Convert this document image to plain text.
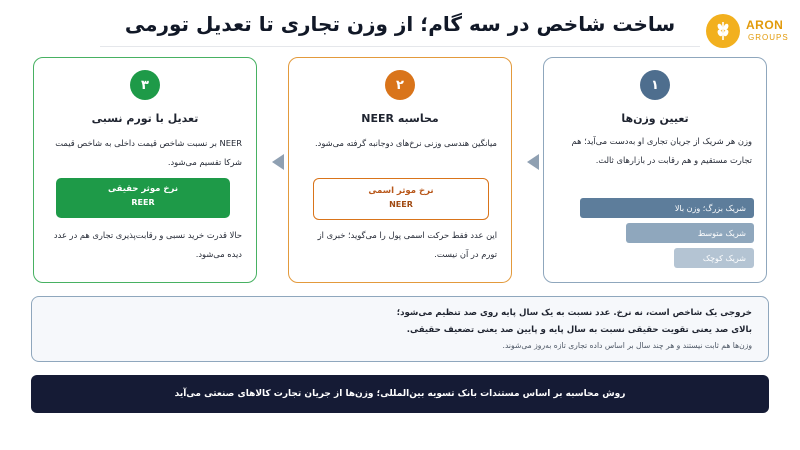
ARON
GROUPS
ساخت شاخص در سه گام؛ از وزن تجاری تا تعدیل تورمی
۱
تعیین وزن‌ها
وزن هر شریک از جریان تجاری او به‌دست می‌آید؛ هم تجارت مستقیم و هم رقابت در بازارهای ثالث.
شریک بزرگ؛ وزن بالا
شریک متوسط
شریک کوچک
۲
محاسبه NEER
میانگین هندسی وزنی نرخ‌های دوجانبه گرفته می‌شود.
نرخ موثر اسمی
NEER
این عدد فقط حرکت اسمی پول را می‌گوید؛ خبری از تورم در آن نیست.
۳
تعدیل با تورم نسبی
NEER بر نسبت شاخص قیمت داخلی به شاخص قیمت شرکا تقسیم می‌شود.
نرخ موثر حقیقی
REER
حالا قدرت خرید نسبی و رقابت‌پذیری تجاری هم در عدد دیده می‌شود.
خروجی یک شاخص است، نه نرخ. عدد نسبت به یک سال پایه روی صد تنظیم می‌شود؛
بالای صد یعنی تقویت حقیقی نسبت به سال پایه و پایین صد یعنی تضعیف حقیقی.
وزن‌ها هم ثابت نیستند و هر چند سال بر اساس داده تجاری تازه به‌روز می‌شوند.
روش محاسبه بر اساس مستندات بانک تسویه بین‌المللی؛ وزن‌ها از جریان تجارت کالاهای صنعتی می‌آید
